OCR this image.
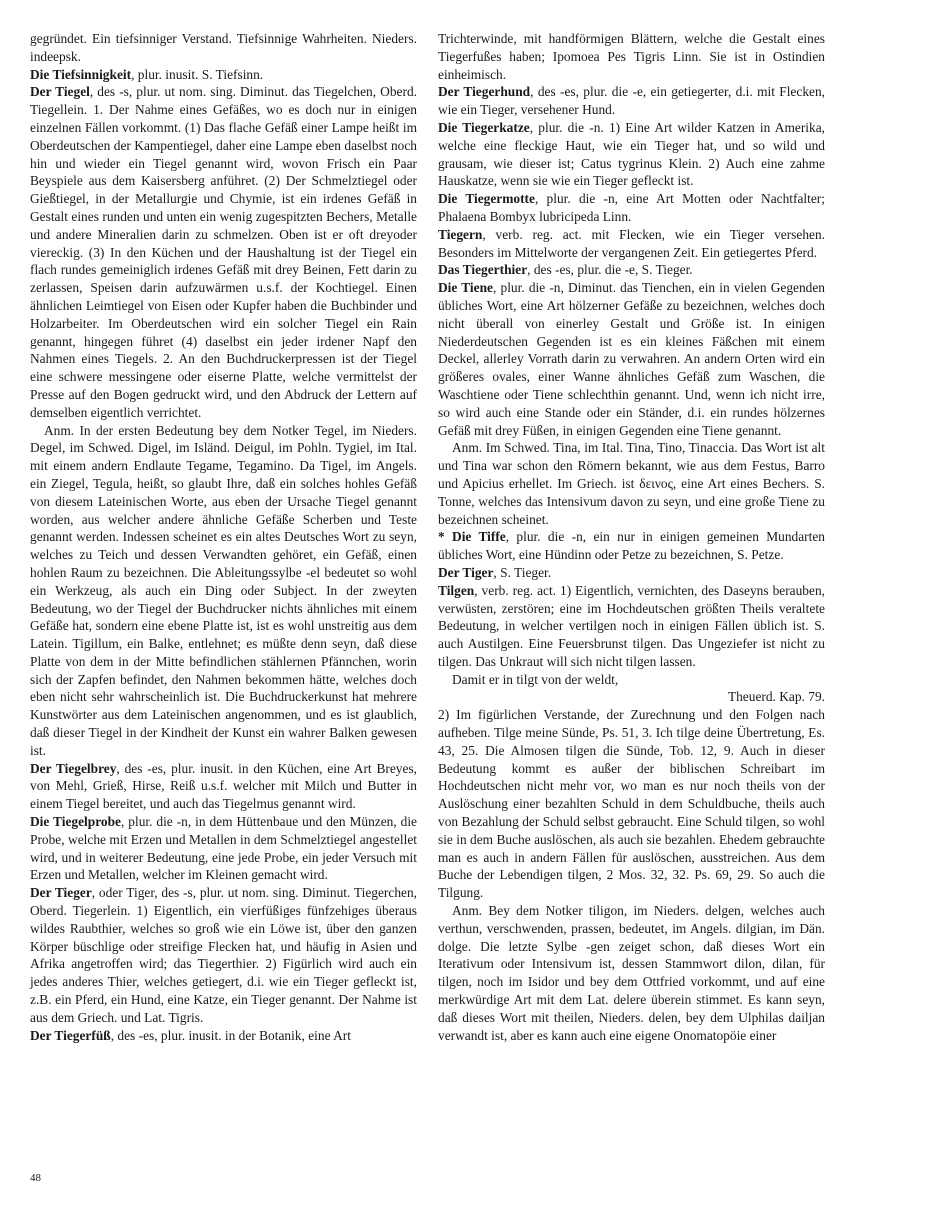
gegründet. Ein tiefsinniger Verstand. Tiefsinnige Wahrheiten. Nieders. indeepsk.

Die Tiefsinnigkeit, plur. inusit. S. Tiefsinn.

Der Tiegel, des -s, plur. ut nom. sing. Diminut. das Tiegelchen, Oberd. Tiegellein. 1. Der Nahme eines Gefäßes, wo es doch nur in einigen einzelnen Fällen vorkommt. (1) Das flache Gefäß einer Lampe heißt im Oberdeutschen der Kampentiegel, daher eine Lampe eben daselbst noch hin und wieder ein Tiegel genannt wird, wovon Frisch ein Paar Beyspiele aus dem Kaisersberg anführet. (2) Der Schmelztiegel oder Gießtiegel, in der Metallurgie und Chymie, ist ein irdenes Gefäß in Gestalt eines runden und unten ein wenig zugespitzten Bechers, Metalle und andere Mineralien darin zu schmelzen. Oben ist er oft dreyoder viereckig. (3) In den Küchen und der Haushaltung ist der Tiegel ein flach rundes gemeiniglich irdenes Gefäß mit drey Beinen, Fett darin zu zerlassen, Speisen darin aufzuwärmen u.s.f. der Kochtiegel. Einen ähnlichen Leimtiegel von Eisen oder Kupfer haben die Buchbinder und Holzarbeiter. Im Oberdeutschen wird ein solcher Tiegel ein Rain genannt, hingegen führet (4) daselbst ein jeder irdener Napf den Nahmen eines Tiegels. 2. An den Buchdruckerpressen ist der Tiegel eine schwere messingene oder eiserne Platte, welche vermittelst der Presse auf den Bogen gedruckt wird, und den Abdruck der Lettern auf demselben eigentlich verrichtet.

Anm. In der ersten Bedeutung bey dem Notker Tegel, im Nieders. Degel, im Schwed. Digel, im Isländ. Deigul, im Pohln. Tygiel, im Ital. mit einem andern Endlaute Tegame, Tegamino. Da Tigel, im Angels. ein Ziegel, Tegula, heißt, so glaubt Ihre, daß ein solches hohles Gefäß von diesem Lateinischen Worte, aus eben der Ursache Tiegel genannt worden, aus welcher andere ähnliche Gefäße Scherben und Teste genannt werden. Indessen scheinet es ein altes Deutsches Wort zu seyn, welches zu Teich und dessen Verwandten gehöret, ein Gefäß, einen hohlen Raum zu bezeichnen. Die Ableitungssylbe -el bedeutet so wohl ein Werkzeug, als auch ein Ding oder Subject. In der zweyten Bedeutung, wo der Tiegel der Buchdrucker nichts ähnliches mit einem Gefäße hat, sondern eine ebene Platte ist, ist es wohl unstreitig aus dem Latein. Tigillum, ein Balke, entlehnet; es müßte denn seyn, daß diese Platte von dem in der Mitte befindlichen stählernen Pfännchen, worin sich der Zapfen befindet, den Nahmen bekommen hätte, welches doch eben nicht sehr wahrscheinlich ist. Die Buchdruckerkunst hat mehrere Kunstwörter aus dem Lateinischen angenommen, und es ist glaublich, daß dieser Tiegel in der Kindheit der Kunst ein wahrer Balken gewesen ist.

Der Tiegelbrey, des -es, plur. inusit. in den Küchen, eine Art Breyes, von Mehl, Grieß, Hirse, Reiß u.s.f. welcher mit Milch und Butter in einem Tiegel bereitet, und auch das Tiegelmus genannt wird.

Die Tiegelprobe, plur. die -n, in dem Hüttenbaue und den Münzen, die Probe, welche mit Erzen und Metallen in dem Schmelztiegel angestellet wird, und in weiterer Bedeutung, eine jede Probe, ein jeder Versuch mit Erzen und Metallen, welcher im Kleinen gemacht wird.

Der Tieger, oder Tiger, des -s, plur. ut nom. sing. Diminut. Tiegerchen, Oberd. Tiegerlein. 1) Eigentlich, ein vierfüßiges fünfzehiges überaus wildes Raubthier, welches so groß wie ein Löwe ist, über den ganzen Körper büschlige oder streifige Flecken hat, und häufig in Asien und Afrika angetroffen wird; das Tiegerthier. 2) Figürlich wird auch ein jedes anderes Thier, welches getiegert, d.i. wie ein Tieger gefleckt ist, z.B. ein Pferd, ein Hund, eine Katze, ein Tieger genannt. Der Nahme ist aus dem Griech. und Lat. Tigris.

Der Tiegerfüß, des -es, plur. inusit. in der Botanik, eine Art

Trichterwinde, mit handförmigen Blättern, welche die Gestalt eines Tiegerfußes haben; Ipomoea Pes Tigris Linn. Sie ist in Ostindien einheimisch.

Der Tiegerhund, des -es, plur. die -e, ein getiegerter, d.i. mit Flecken, wie ein Tieger, versehener Hund.

Die Tiegerkatze, plur. die -n. 1) Eine Art wilder Katzen in Amerika, welche eine fleckige Haut, wie ein Tieger hat, und so wild und grausam, wie dieser ist; Catus tygrinus Klein. 2) Auch eine zahme Hauskatze, wenn sie wie ein Tieger gefleckt ist.

Die Tiegermotte, plur. die -n, eine Art Motten oder Nachtfalter; Phalaena Bombyx lubricipeda Linn.

Tiegern, verb. reg. act. mit Flecken, wie ein Tieger versehen. Besonders im Mittelworte der vergangenen Zeit. Ein getiegertes Pferd.

Das Tiegerthier, des -es, plur. die -e, S. Tieger.

Die Tiene, plur. die -n, Diminut. das Tienchen, ein in vielen Gegenden übliches Wort, eine Art hölzerner Gefäße zu bezeichnen, welches doch nicht überall von einerley Gestalt und Größe ist. In einigen Niederdeutschen Gegenden ist es ein kleines Fäßchen mit einem Deckel, allerley Vorrath darin zu verwahren. An andern Orten wird ein größeres ovales, einer Wanne ähnliches Gefäß zum Waschen, die Waschtiene oder Tiene schlechthin genannt. Und, wenn ich nicht irre, so wird auch eine Stande oder ein Ständer, d.i. ein rundes hölzernes Gefäß mit drey Füßen, in einigen Gegenden eine Tiene genannt.

Anm. Im Schwed. Tina, im Ital. Tina, Tino, Tinaccia. Das Wort ist alt und Tina war schon den Römern bekannt, wie aus dem Festus, Barro und Apicius erhellet. Im Griech. ist δεινος, eine Art eines Bechers. S. Tonne, welches das Intensivum davon zu seyn, und eine große Tiene zu bezeichnen scheinet.

* Die Tiffe, plur. die -n, ein nur in einigen gemeinen Mundarten übliches Wort, eine Hündinn oder Petze zu bezeichnen, S. Petze.

Der Tiger, S. Tieger.

Tilgen, verb. reg. act. 1) Eigentlich, vernichten, des Daseyns berauben, verwüsten, zerstören; eine im Hochdeutschen größten Theils veraltete Bedeutung, in welcher vertilgen noch in einigen Fällen üblich ist. S. auch Austilgen. Eine Feuersbrunst tilgen. Das Ungeziefer ist nicht zu tilgen. Das Unkraut will sich nicht tilgen lassen.

Damit er in tilgt von der weldt,

Theuerd. Kap. 79.

2) Im figürlichen Verstande, der Zurechnung und den Folgen nach aufheben. Tilge meine Sünde, Ps. 51, 3. Ich tilge deine Übertretung, Es. 43, 25. Die Almosen tilgen die Sünde, Tob. 12, 9. Auch in dieser Bedeutung kommt es außer der biblischen Schreibart im Hochdeutschen nicht mehr vor, wo man es nur noch theils von der Auslöschung einer bezahlten Schuld in dem Schuldbuche, theils auch von Bezahlung der Schuld selbst gebraucht. Eine Schuld tilgen, so wohl sie in dem Buche auslöschen, als auch sie bezahlen. Ehedem gebrauchte man es auch in andern Fällen für auslöschen, ausstreichen. Aus dem Buche der Lebendigen tilgen, 2 Mos. 32, 32. Ps. 69, 29. So auch die Tilgung.

Anm. Bey dem Notker tiligon, im Nieders. delgen, welches auch verthun, verschwenden, prassen, bedeutet, im Angels. dilgian, im Dän. dolge. Die letzte Sylbe -gen zeiget schon, daß dieses Wort ein Iterativum oder Intensivum ist, dessen Stammwort dilon, dilan, für tilgen, noch im Isidor und bey dem Ottfried vorkommt, und auf eine merkwürdige Art mit dem Lat. delere überein stimmet. Es kann seyn, daß dieses Wort mit theilen, Nieders. delen, bey dem Ulphilas dailjan verwandt ist, aber es kann auch eine eigene Onomatopöie einer

48
